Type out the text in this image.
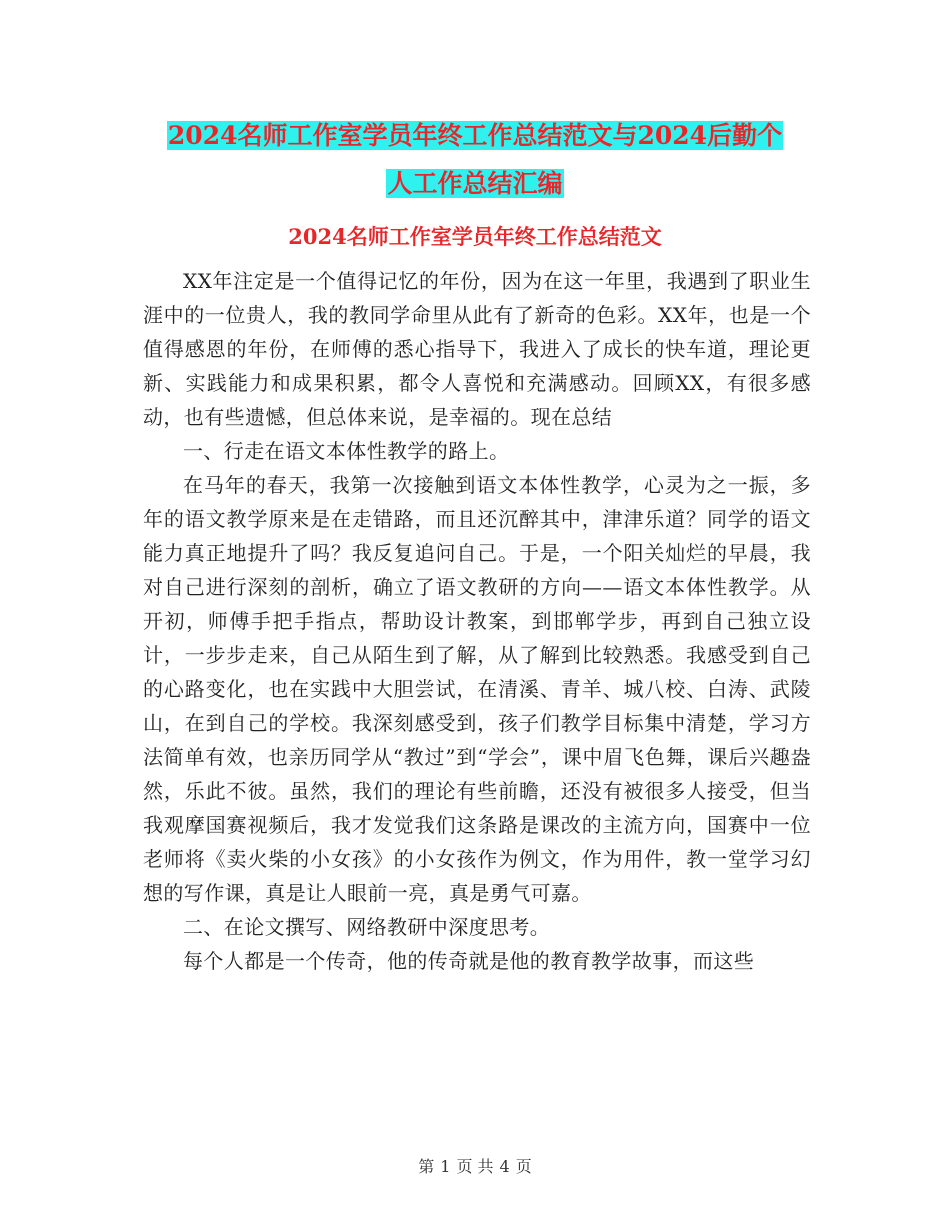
2024名师工作室学员年终工作总结范文与2024后勤个
人工作总结汇编
2024名师工作室学员年终工作总结范文

XX年注定是一个值得记忆的年份，因为在这一年里，我遇到了职业生涯中的一位贵人，我的教同学命里从此有了新奇的色彩。XX年，也是一个值得感恩的年份，在师傅的悉心指导下，我进入了成长的快车道，理论更新、实践能力和成果积累，都令人喜悦和充满感动。回顾XX，有很多感动，也有些遗憾，但总体来说，是幸福的。现在总结

一、行走在语文本体性教学的路上。

在马年的春天，我第一次接触到语文本体性教学，心灵为之一振，多年的语文教学原来是在走错路，而且还沉醉其中，津津乐道？同学的语文能力真正地提升了吗？我反复追问自己。于是，一个阳关灿烂的早晨，我对自己进行深刻的剖析，确立了语文教研的方向——语文本体性教学。从开初，师傅手把手指点，帮助设计教案，到邯郸学步，再到自己独立设计，一步步走来，自己从陌生到了解，从了解到比较熟悉。我感受到自己的心路变化，也在实践中大胆尝试，在清溪、青羊、城八校、白涛、武陵山，在到自己的学校。我深刻感受到，孩子们教学目标集中清楚，学习方法简单有效，也亲历同学从“教过”到“学会”，课中眉飞色舞，课后兴趣盎然，乐此不彼。虽然，我们的理论有些前瞻，还没有被很多人接受，但当我观摩国赛视频后，我才发觉我们这条路是课改的主流方向，国赛中一位老师将《卖火柴的小女孩》的小女孩作为例文，作为用件，教一堂学习幻想的写作课，真是让人眼前一亮，真是勇气可嘉。

二、在论文撰写、网络教研中深度思考。

每个人都是一个传奇，他的传奇就是他的教育教学故事，而这些

第 1 页 共 4 页
